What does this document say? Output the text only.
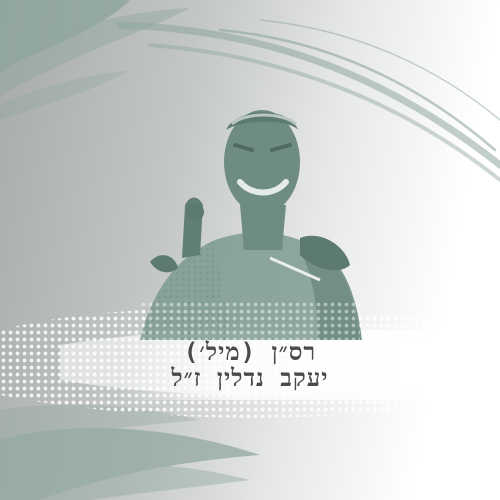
רס״ן (מיל׳)
יעקב נדלין ז״ל
